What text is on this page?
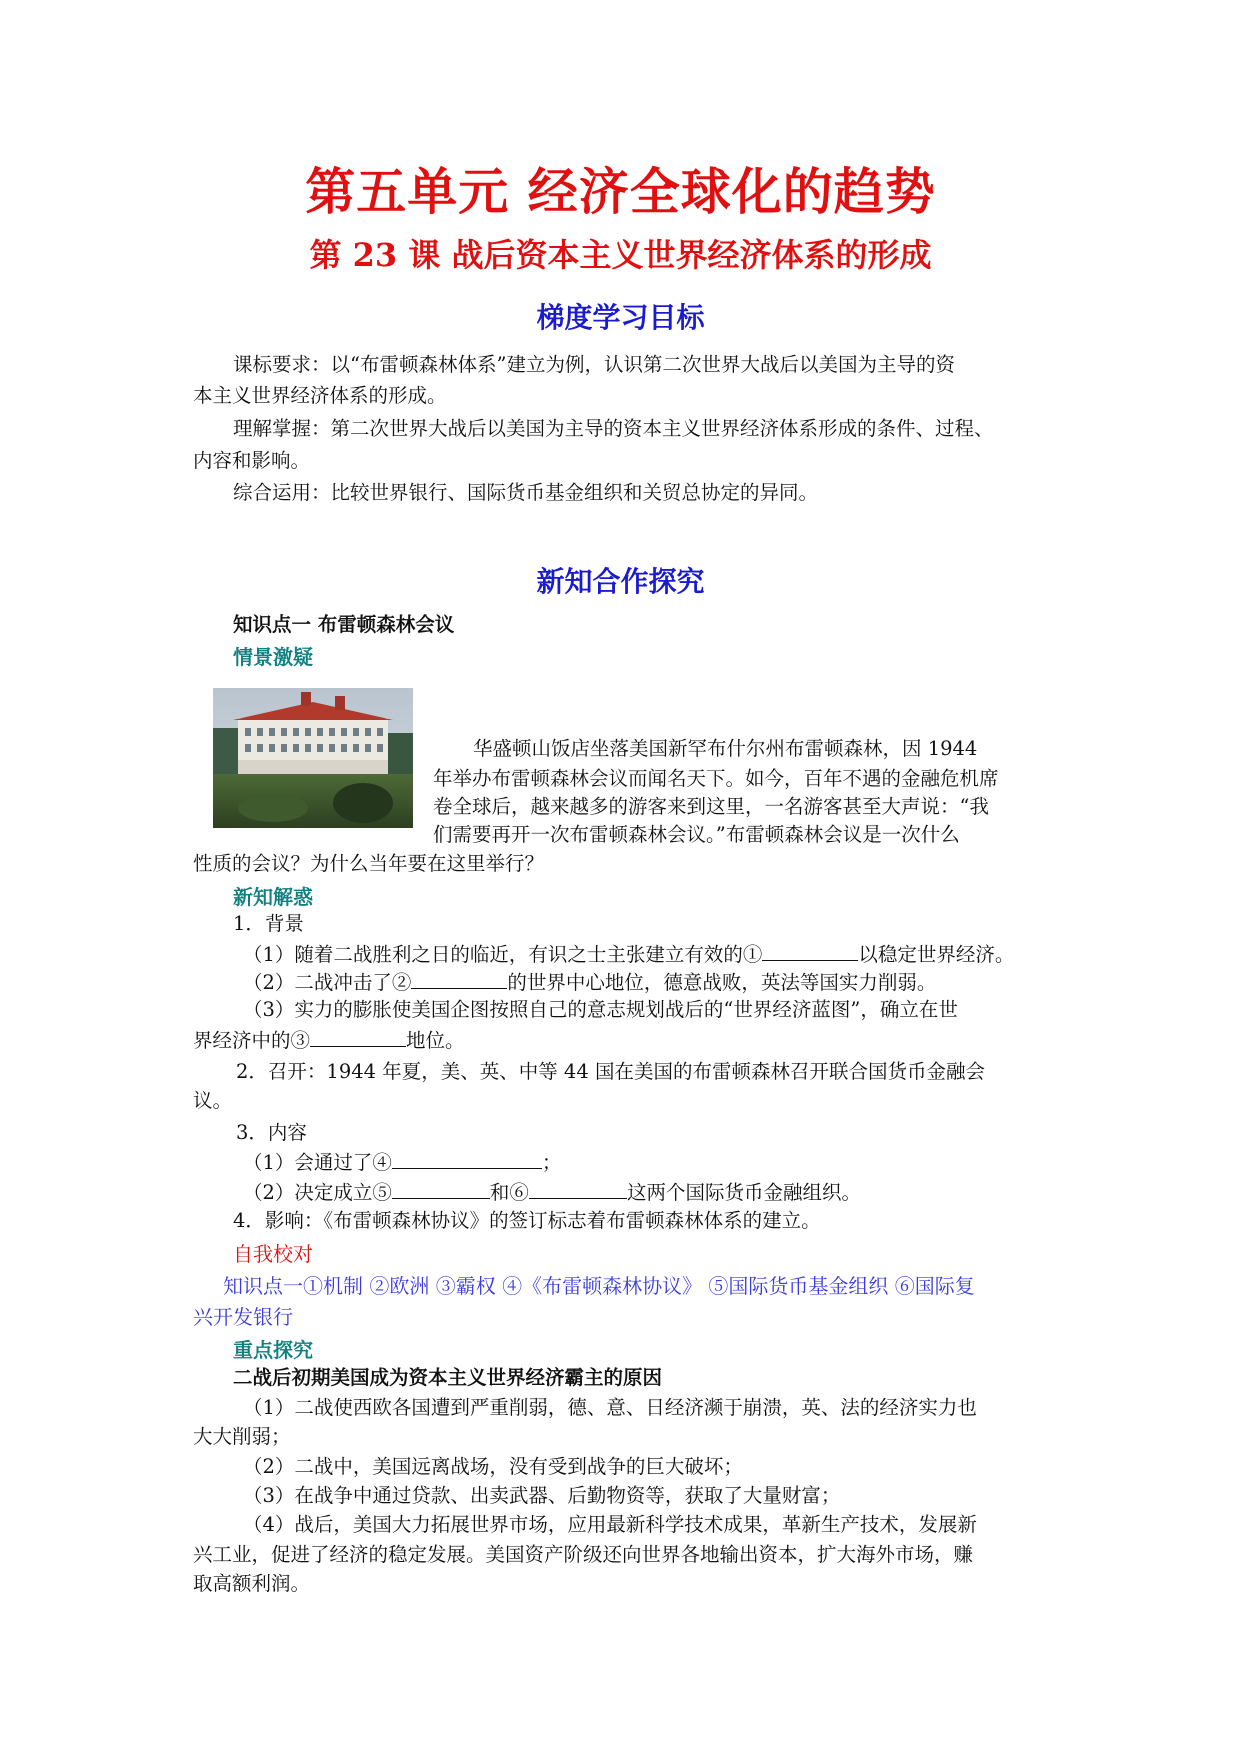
第五单元 经济全球化的趋势
第 23 课 战后资本主义世界经济体系的形成
梯度学习目标
课标要求：以“布雷顿森林体系”建立为例，认识第二次世界大战后以美国为主导的资
本主义世界经济体系的形成。
理解掌握：第二次世界大战后以美国为主导的资本主义世界经济体系形成的条件、过程、
内容和影响。
综合运用：比较世界银行、国际货币基金组织和关贸总协定的异同。
新知合作探究
知识点一 布雷顿森林会议
情景激疑
华盛顿山饭店坐落美国新罕布什尔州布雷顿森林，因 1944
年举办布雷顿森林会议而闻名天下。如今，百年不遇的金融危机席
卷全球后，越来越多的游客来到这里，一名游客甚至大声说：“我
们需要再开一次布雷顿森林会议。”布雷顿森林会议是一次什么
性质的会议？为什么当年要在这里举行？
新知解惑
1．背景
（1）随着二战胜利之日的临近，有识之士主张建立有效的①	以稳定世界经济。
（2）二战冲击了②	的世界中心地位，德意战败，英法等国实力削弱。
（3）实力的膨胀使美国企图按照自己的意志规划战后的“世界经济蓝图”，确立在世
界经济中的③	地位。
2．召开：1944 年夏，美、英、中等 44 国在美国的布雷顿森林召开联合国货币金融会
议。
3．内容
（1）会通过了④	；
（2）决定成立⑤	和⑥	这两个国际货币金融组织。
4．影响：《布雷顿森林协议》的签订标志着布雷顿森林体系的建立。
自我校对
知识点一①机制 ②欧洲 ③霸权 ④《布雷顿森林协议》 ⑤国际货币基金组织 ⑥国际复
兴开发银行
重点探究
二战后初期美国成为资本主义世界经济霸主的原因
（1）二战使西欧各国遭到严重削弱，德、意、日经济濒于崩溃，英、法的经济实力也
大大削弱；
（2）二战中，美国远离战场，没有受到战争的巨大破坏；
（3）在战争中通过贷款、出卖武器、后勤物资等，获取了大量财富；
（4）战后，美国大力拓展世界市场，应用最新科学技术成果，革新生产技术，发展新
兴工业，促进了经济的稳定发展。美国资产阶级还向世界各地输出资本，扩大海外市场，赚
取高额利润。
